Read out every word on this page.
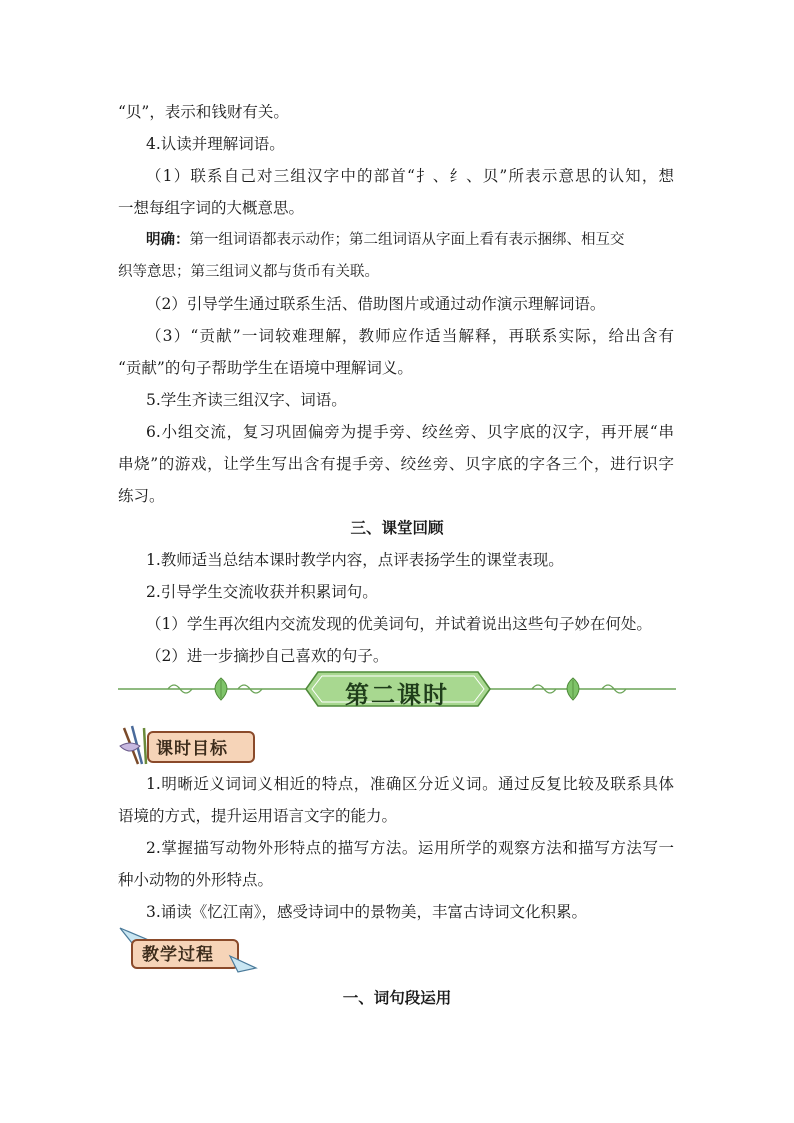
“贝”，表示和钱财有关。
4.认读并理解词语。
（1）联系自己对三组汉字中的部首“扌、纟、贝”所表示意思的认知，想
一想每组字词的大概意思。
明确：第一组词语都表示动作；第二组词语从字面上看有表示捆绑、相互交
织等意思；第三组词义都与货币有关联。
（2）引导学生通过联系生活、借助图片或通过动作演示理解词语。
（3）“贡献”一词较难理解，教师应作适当解释，再联系实际，给出含有
“贡献”的句子帮助学生在语境中理解词义。
5.学生齐读三组汉字、词语。
6.小组交流，复习巩固偏旁为提手旁、绞丝旁、贝字底的汉字，再开展“串
串烧”的游戏，让学生写出含有提手旁、绞丝旁、贝字底的字各三个，进行识字
练习。
三、课堂回顾
1.教师适当总结本课时教学内容，点评表扬学生的课堂表现。
2.引导学生交流收获并积累词句。
（1）学生再次组内交流发现的优美词句，并试着说出这些句子妙在何处。
（2）进一步摘抄自己喜欢的句子。
第二课时
课时目标
1.明晰近义词词义相近的特点，准确区分近义词。通过反复比较及联系具体
语境的方式，提升运用语言文字的能力。
2.掌握描写动物外形特点的描写方法。运用所学的观察方法和描写方法写一
种小动物的外形特点。
3.诵读《忆江南》，感受诗词中的景物美，丰富古诗词文化积累。
教学过程
一、词句段运用
